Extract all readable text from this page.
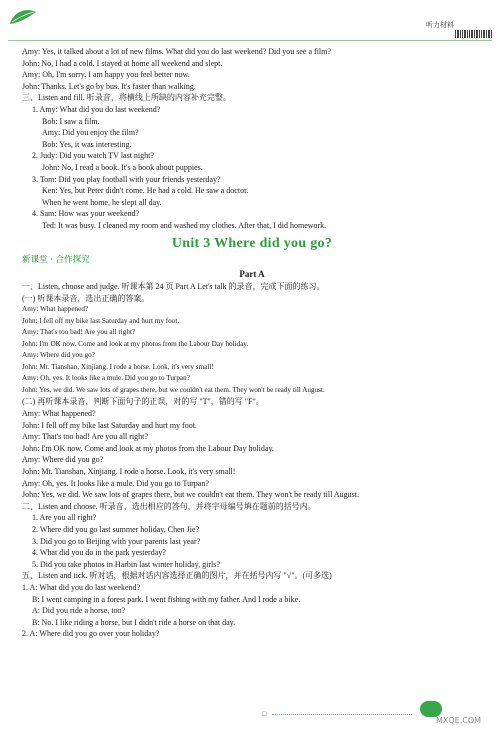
听力材料
Amy: Yes, it talked about a lot of new films. What did you do last weekend? Did you see a film?
John: No, I had a cold. I stayed at home all weekend and slept.
Amy: Oh, I'm sorry. I am happy you feel better now.
John: Thanks. Let's go by bus. It's faster than walking.
三、Listen and fill. 听录音，将横线上所缺的内容补充完整。
1. Amy: What did you do last weekend?
Bob: I saw a film.
Amy: Did you enjoy the film?
Bob: Yes, it was interesting.
2. Judy: Did you watch TV last night?
John: No, I read a book. It's a book about puppies.
3. Tom: Did you play football with your friends yesterday?
Ken: Yes, but Peter didn't come. He had a cold. He saw a doctor.
When he went home, he slept all day.
4. Sam: How was your weekend?
Ted: It was busy. I cleaned my room and washed my clothes. After that, I did homework.
Unit 3 Where did you go?
新课堂 · 合作探究
Part A
一、Listen, choose and judge. 听课本第 24 页 Part A Let's talk 的录音，完成下面的练习。
(一) 听课本录音，选出正确的答案。
Amy: What happened?
John: I fell off my bike last Saturday and hurt my foot.
Amy: That's too bad! Are you all right?
John: I'm OK now. Come and look at my photos from the Labour Day holiday.
Amy: Where did you go?
John: Mt. Tianshan, Xinjiang. I rode a horse. Look, it's very small!
Amy: Oh, yes. It looks like a mule. Did you go to Turpan?
John: Yes, we did. We saw lots of grapes there, but we couldn't eat them. They won't be ready till August.
(二) 再听课本录音，判断下面句子的正误，对的写 "T"，错的写 "F"。
Amy: What happened?
John: I fell off my bike last Saturday and hurt my foot.
Amy: That's too bad! Are you all right?
John: I'm OK now. Come and look at my photos from the Labour Day holiday.
Amy: Where did you go?
John: Mt. Tianshan, Xinjiang. I rode a horse. Look, it's very small!
Amy: Oh, yes. It looks like a mule. Did you go to Turpan?
John: Yes, we did. We saw lots of grapes there, but we couldn't eat them. They won't be ready till August.
二、Listen and choose. 听录音，选出相应的答句，并将字母编号填在题前的括号内。
1. Are you all right?
2. Where did you go last summer holiday, Chen Jie?
3. Did you go to Beijing with your parents last year?
4. What did you do in the park yesterday?
5. Did you take photos in Harbin last winter holiday, girls?
五、Listen and tick. 听对话，根据对话内容选择正确的图片，并在括号内写 "√"。(可多选)
1. A: What did you do last weekend?
B: I went camping in a forest park. I went fishing with my father. And I rode a bike.
A: Did you ride a horse, too?
B: No. I like riding a horse, but I didn't ride a horse on that day.
2. A: Where did you go over your holiday?
□
MXQE.COM
